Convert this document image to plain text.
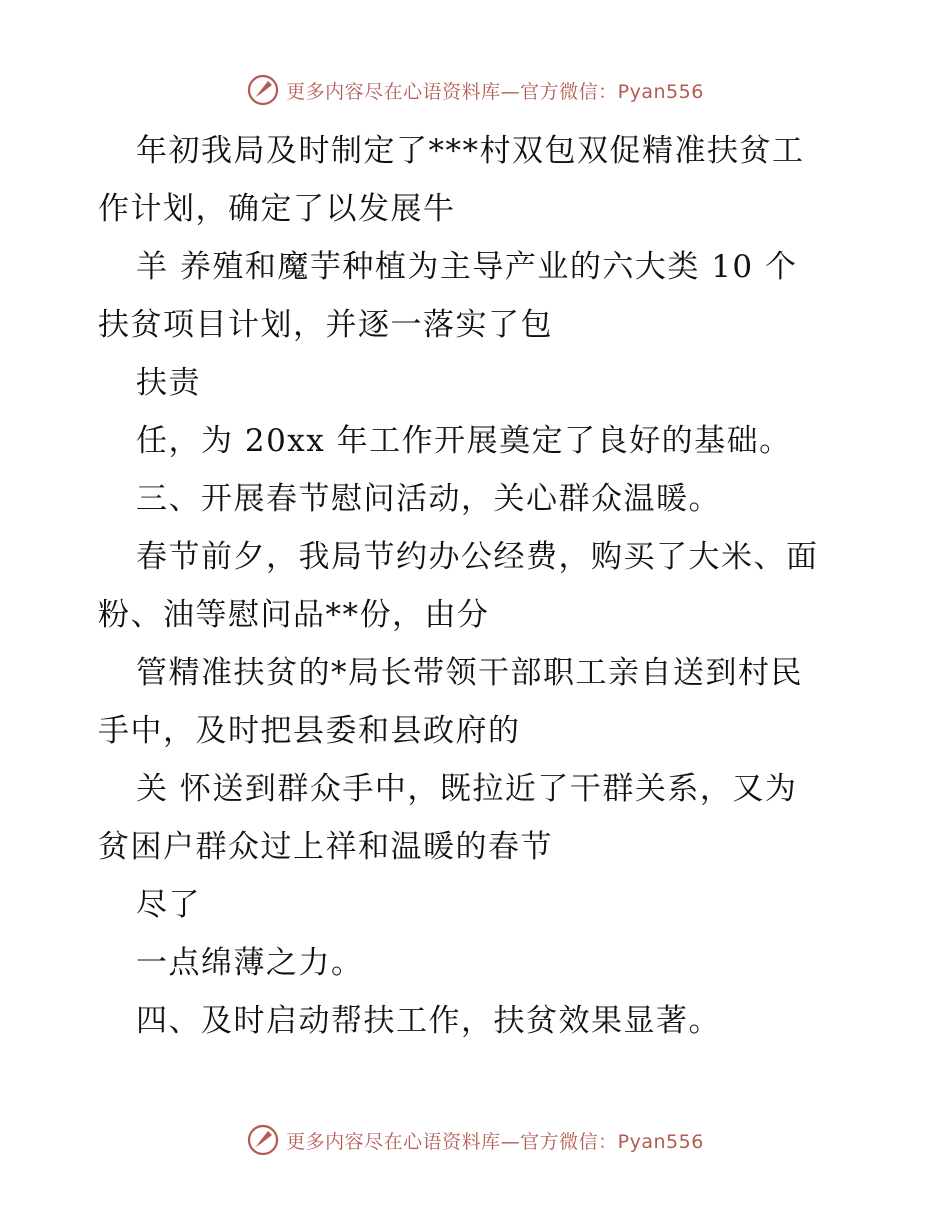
更多内容尽在心语资料库—官方微信：Pyan556
年初我局及时制定了***村双包双促精准扶贫工
作计划，确定了以发展牛
羊 养殖和魔芋种植为主导产业的六大类 10 个
扶贫项目计划，并逐一落实了包
扶责
任，为 20xx 年工作开展奠定了良好的基础。
三、开展春节慰问活动，关心群众温暖。
春节前夕，我局节约办公经费，购买了大米、面
粉、油等慰问品**份，由分
管精准扶贫的*局长带领干部职工亲自送到村民
手中，及时把县委和县政府的
关 怀送到群众手中，既拉近了干群关系，又为
贫困户群众过上祥和温暖的春节
尽了
一点绵薄之力。
四、及时启动帮扶工作，扶贫效果显著。
更多内容尽在心语资料库—官方微信：Pyan556
